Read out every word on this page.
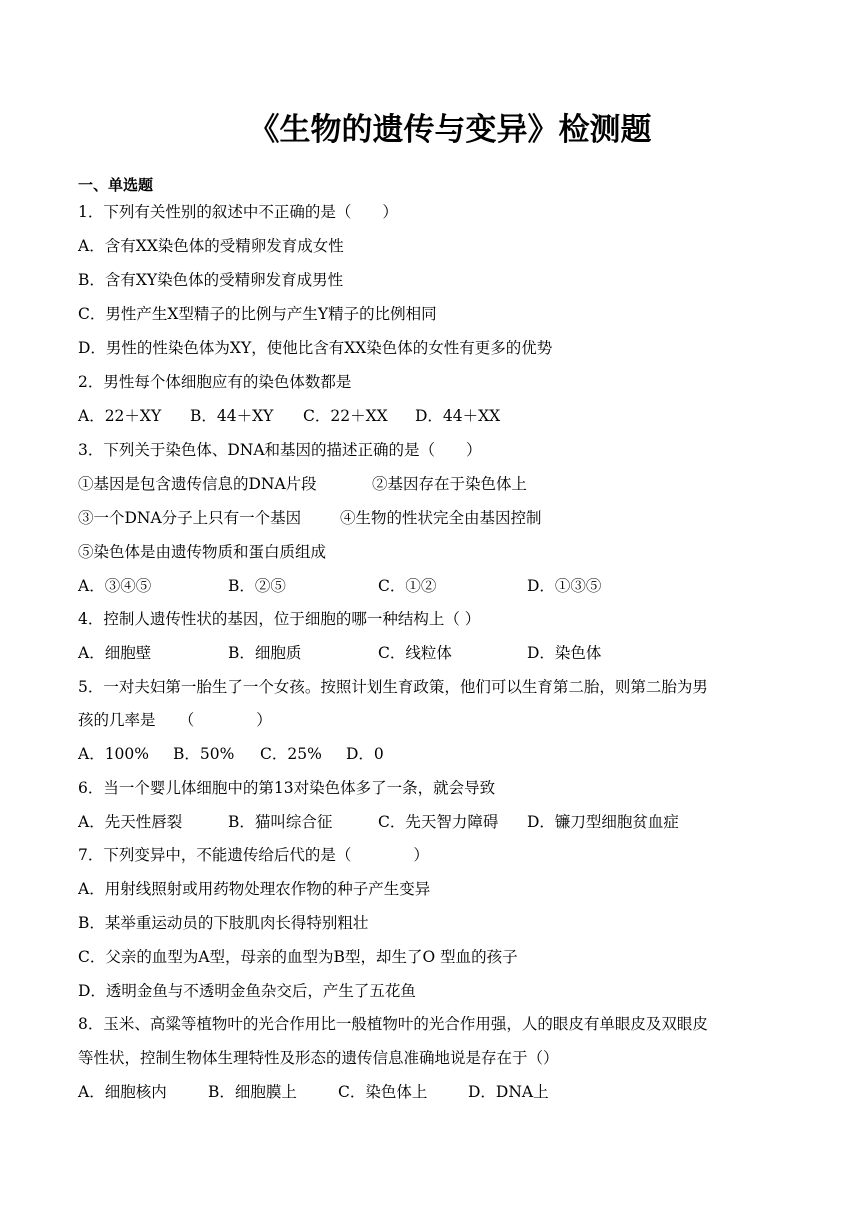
《生物的遗传与变异》检测题
一、单选题
1．下列有关性别的叙述中不正确的是（　　）
A．含有XX染色体的受精卵发育成女性
B．含有XY染色体的受精卵发育成男性
C．男性产生X型精子的比例与产生Y精子的比例相同
D．男性的性染色体为XY，使他比含有XX染色体的女性有更多的优势
2．男性每个体细胞应有的染色体数都是
A．22＋XY B．44＋XY C．22＋XX D．44＋XX
3．下列关于染色体、DNA和基因的描述正确的是（　　）
①基因是包含遗传信息的DNA片段	②基因存在于染色体上
③一个DNA分子上只有一个基因	④生物的性状完全由基因控制
⑤染色体是由遗传物质和蛋白质组成
A．③④⑤	B．②⑤	C．①②	D．①③⑤
4．控制人遗传性状的基因，位于细胞的哪一种结构上（ ）
A．细胞壁	B．细胞质	C．线粒体	D．染色体
5．一对夫妇第一胎生了一个女孩。按照计划生育政策，他们可以生育第二胎，则第二胎为男
孩的几率是　　（　　　　）
A．100% B．50% C．25% D．0
6．当一个婴儿体细胞中的第13对染色体多了一条，就会导致
A．先天性唇裂	B．猫叫综合征	C．先天智力障碍 D．镰刀型细胞贫血症
7．下列变异中，不能遗传给后代的是（　　　　）
A．用射线照射或用药物处理农作物的种子产生变异
B．某举重运动员的下肢肌肉长得特别粗壮
C．父亲的血型为A型，母亲的血型为B型，却生了O 型血的孩子
D．透明金鱼与不透明金鱼杂交后，产生了五花鱼
8．玉米、高粱等植物叶的光合作用比一般植物叶的光合作用强，人的眼皮有单眼皮及双眼皮
等性状，控制生物体生理特性及形态的遗传信息准确地说是存在于（）
A．细胞核内	B．细胞膜上	C．染色体上	D．DNA上
